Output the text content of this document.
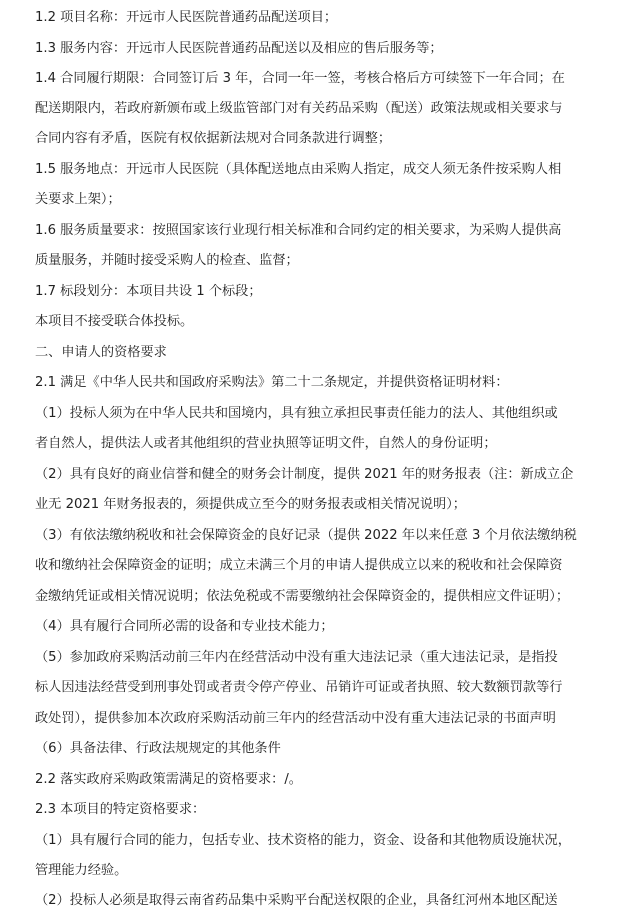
1.2 项目名称：开远市人民医院普通药品配送项目；
1.3 服务内容：开远市人民医院普通药品配送以及相应的售后服务等；
1.4 合同履行期限：合同签订后 3 年，合同一年一签，考核合格后方可续签下一年合同；在
配送期限内，若政府新颁布或上级监管部门对有关药品采购（配送）政策法规或相关要求与
合同内容有矛盾，医院有权依据新法规对合同条款进行调整；
1.5 服务地点：开远市人民医院（具体配送地点由采购人指定，成交人须无条件按采购人相
关要求上架）；
1.6 服务质量要求：按照国家该行业现行相关标准和合同约定的相关要求，为采购人提供高
质量服务，并随时接受采购人的检查、监督；
1.7 标段划分：本项目共设 1 个标段；
本项目不接受联合体投标。
二、申请人的资格要求
2.1 满足《中华人民共和国政府采购法》第二十二条规定，并提供资格证明材料：
（1）投标人须为在中华人民共和国境内，具有独立承担民事责任能力的法人、其他组织或
者自然人，提供法人或者其他组织的营业执照等证明文件，自然人的身份证明；
（2）具有良好的商业信誉和健全的财务会计制度，提供 2021 年的财务报表（注：新成立企
业无 2021 年财务报表的，须提供成立至今的财务报表或相关情况说明）；
（3）有依法缴纳税收和社会保障资金的良好记录（提供 2022 年以来任意 3 个月依法缴纳税
收和缴纳社会保障资金的证明；成立未满三个月的申请人提供成立以来的税收和社会保障资
金缴纳凭证或相关情况说明；依法免税或不需要缴纳社会保障资金的，提供相应文件证明）；
（4）具有履行合同所必需的设备和专业技术能力；
（5）参加政府采购活动前三年内在经营活动中没有重大违法记录（重大违法记录，是指投
标人因违法经营受到刑事处罚或者责令停产停业、吊销许可证或者执照、较大数额罚款等行
政处罚），提供参加本次政府采购活动前三年内的经营活动中没有重大违法记录的书面声明
（6）具备法律、行政法规规定的其他条件
2.2 落实政府采购政策需满足的资格要求：/。
2.3 本项目的特定资格要求：
（1）具有履行合同的能力，包括专业、技术资格的能力，资金、设备和其他物质设施状况，
管理能力经验。
（2）投标人必须是取得云南省药品集中采购平台配送权限的企业，具备红河州本地区配送
